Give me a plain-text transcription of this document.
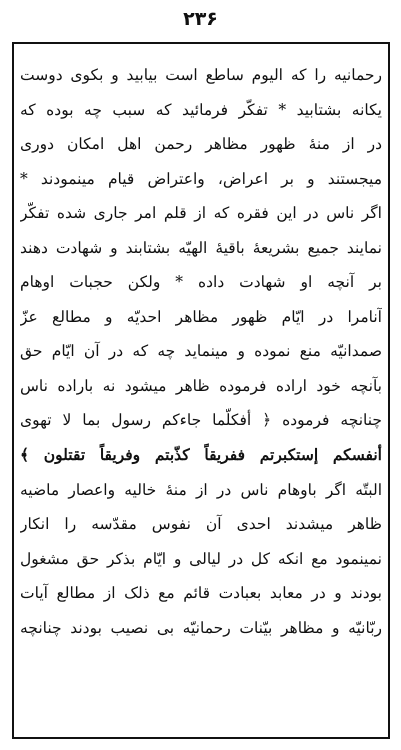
۲۳۶
رحمانیه را که الیوم ساطع است بیابید و بکوی دوست
یکانه بشتابید * تفکّر فرمائید که سبب چه بوده که
در از منهٔ ظهور مظاهر رحمن اهل امکان دوری
میجستند و بر اعراض، واعتراض قیام مینمودند *
اگر ناس در این فقره که از قلم امر جاری شده تفکّر
نمایند جمیع بشریعهٔ باقیهٔ الهیّه بشتابند و شهادت دهند
بر آنچه او شهادت داده * ولکن حجبات اوهام
آنامرا در ایّام ظهور مظاهر احدیّه و مطالع عزّ
صمدانیّه منع نموده و مینماید چه که در آن ایّام حق
بآنچه خود اراده فرموده ظاهر میشود نه باراده ناس
چنانچه فرموده ﴿ أفکلّما جاءکم رسول بما لا تهوی
أنفسکم إستکبرتم ففریقاً کذّبتم وفریقاً تقتلون ﴾
البتّه اگر باوهام ناس در از منهٔ خالیه واعصار ماضیه
ظاهر میشدند احدی آن نفوس مقدّسه را انکار
نمینمود مع انکه کل در لیالی و ایّام بذکر حق مشغول
بودند و در معابد بعبادت قائم مع ذلک از مطالع آیات
ربّانیّه و مظاهر بیّنات رحمانیّه بی نصیب بودند چنانچه
